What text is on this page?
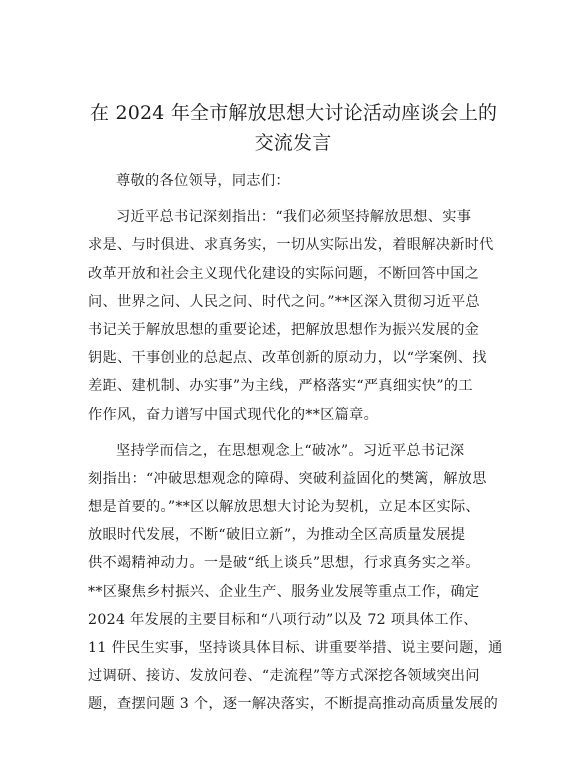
在 2024 年全市解放思想大讨论活动座谈会上的
交流发言
尊敬的各位领导，同志们：
习近平总书记深刻指出：“我们必须坚持解放思想、实事
求是、与时俱进、求真务实，一切从实际出发，着眼解决新时代
改革开放和社会主义现代化建设的实际问题，不断回答中国之
问、世界之问、人民之问、时代之问。”**区深入贯彻习近平总
书记关于解放思想的重要论述，把解放思想作为振兴发展的金
钥匙、干事创业的总起点、改革创新的原动力，以“学案例、找
差距、建机制、办实事”为主线，严格落实“严真细实快”的工
作作风，奋力谱写中国式现代化的**区篇章。
坚持学而信之，在思想观念上“破冰”。习近平总书记深
刻指出：“冲破思想观念的障碍、突破利益固化的樊篱，解放思
想是首要的。”**区以解放思想大讨论为契机，立足本区实际、
放眼时代发展，不断“破旧立新”，为推动全区高质量发展提
供不竭精神动力。一是破“纸上谈兵”思想，行求真务实之举。
**区聚焦乡村振兴、企业生产、服务业发展等重点工作，确定
2024 年发展的主要目标和“八项行动”以及 72 项具体工作、
11 件民生实事，坚持谈具体目标、讲重要举措、说主要问题，通
过调研、接访、发放问卷、“走流程”等方式深挖各领域突出问
题，查摆问题 3 个，逐一解决落实，不断提高推动高质量发展的
